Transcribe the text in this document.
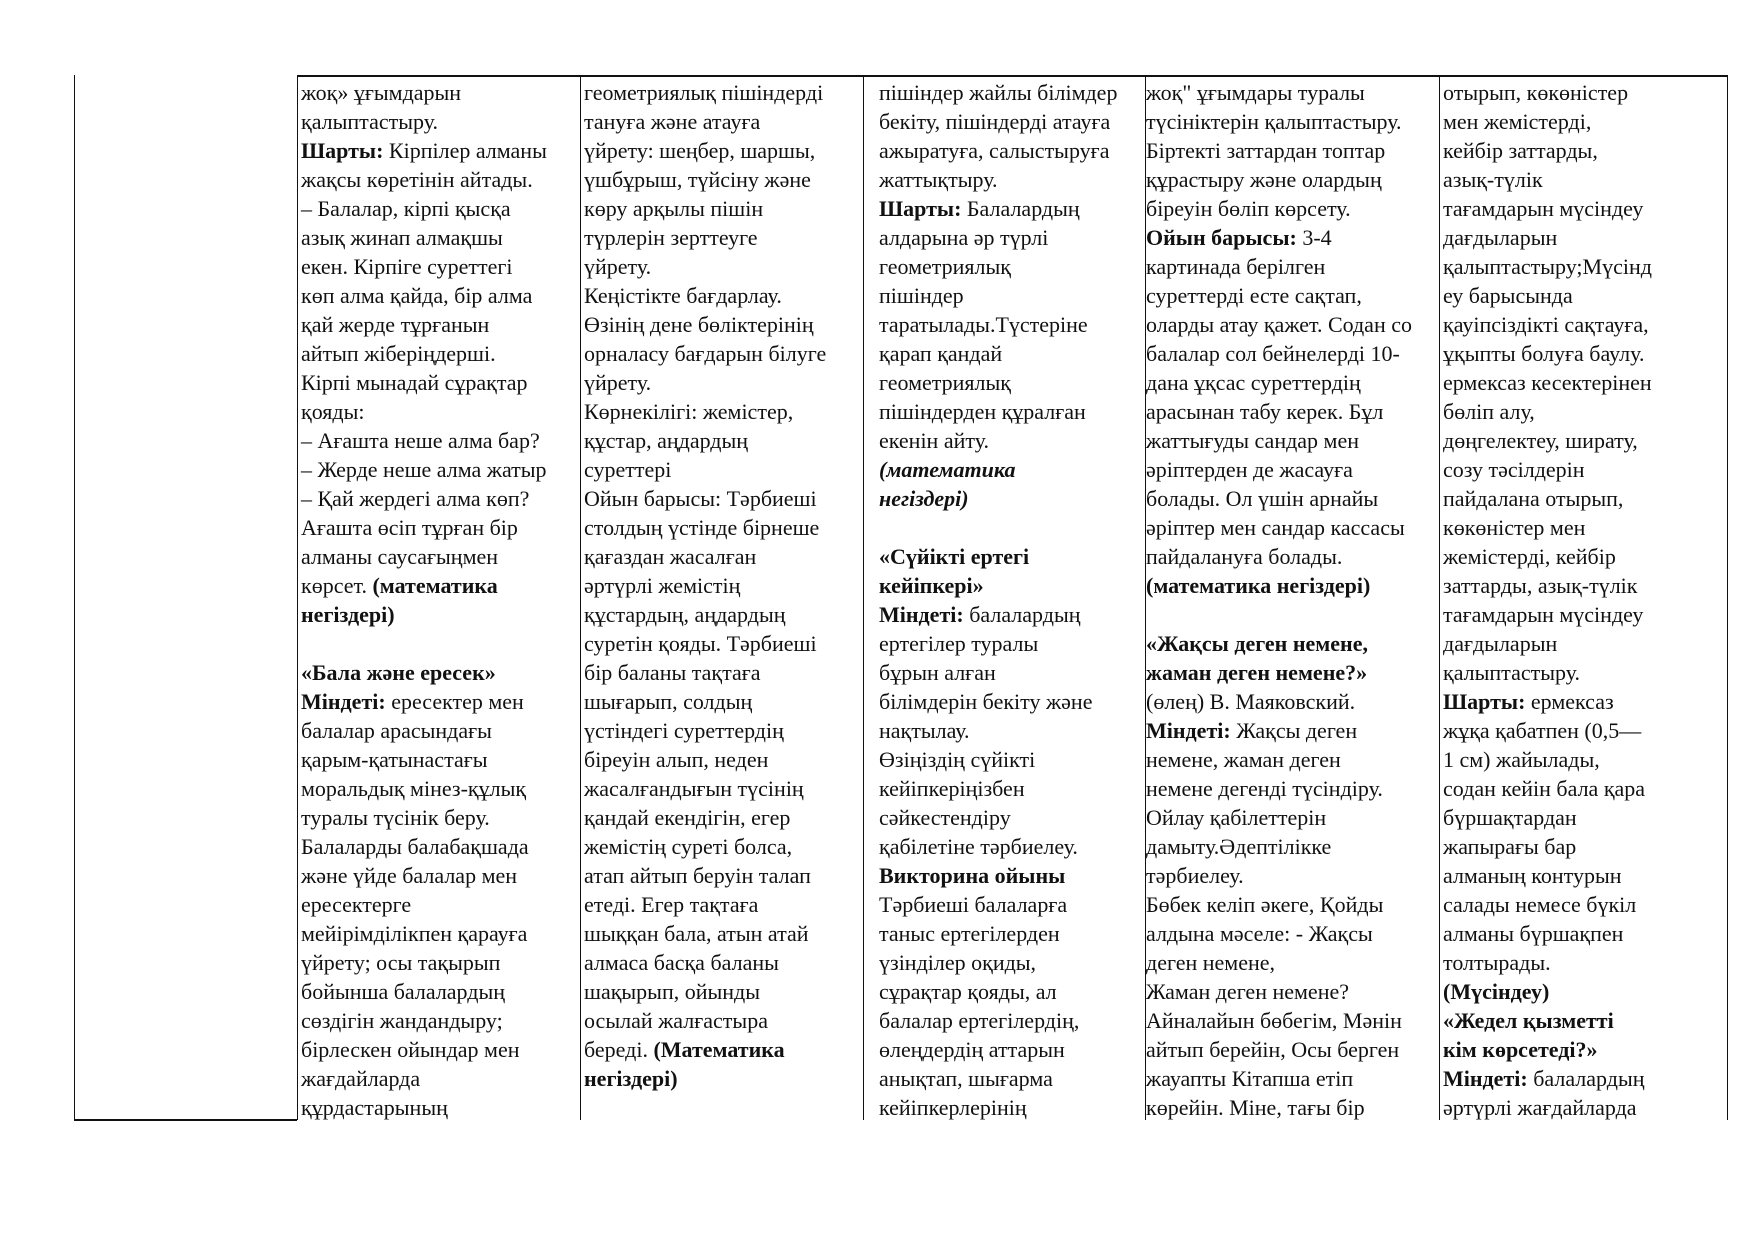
жоқ» ұғымдарын
қалыптастыру.
Шарты: Кірпілер алманы
жақсы көретінін айтады.
– Балалар, кірпі қысқа
азық жинап алмақшы
екен. Кірпіге суреттегі
көп алма қайда, бір алма
қай жерде тұрғанын
айтып жіберіңдерші.
Кірпі мынадай сұрақтар
қояды:
– Ағашта неше алма бар?
– Жерде неше алма жатыр
– Қай жердегі алма көп?
Ағашта өсіп тұрған бір
алманы саусағыңмен
көрсет. (математика
негіздері)
«Бала және ересек»
Міндеті: ересектер мен
балалар арасындағы
қарым-қатынастағы
моральдық мінез-құлық
туралы түсінік беру.
Балаларды балабақшада
және үйде балалар мен
ересектерге
мейірімділікпен қарауға
үйрету; осы тақырып
бойынша балалардың
сөздігін жандандыру;
бірлескен ойындар мен
жағдайларда
құрдастарының
геометриялық пішіндерді
тануға және атауға
үйрету: шеңбер, шаршы,
үшбұрыш, түйсіну және
көру арқылы пішін
түрлерін зерттеуге
үйрету.
Кеңістікте бағдарлау.
Өзінің дене бөліктерінің
орналасу бағдарын білуге
үйрету.
Көрнекілігі: жемістер,
құстар, аңдардың
суреттері
Ойын барысы: Тәрбиеші
столдың үстінде бірнеше
қағаздан жасалған
әртүрлі жемістің
құстардың, аңдардың
суретін қояды. Тәрбиеші
бір баланы тақтаға
шығарып, солдың
үстіндегі суреттердің
біреуін алып, неден
жасалғандығын түсінің
қандай екендігін, егер
жемістің суреті болса,
атап айтып беруін талап
етеді. Егер тақтаға
шыққан бала, атын атай
алмаса басқа баланы
шақырып, ойынды
осылай жалғастыра
береді. (Математика
негіздері)
пішіндер жайлы білімдер
бекіту, пішіндерді атауға
ажыратуға, салыстыруға
жаттықтыру.
Шарты: Балалардың
алдарына әр түрлі
геометриялық
пішіндер
таратылады.Түстеріне
қарап қандай
геометриялық
пішіндерден құралған
екенін айту.
(математика
негіздері)
«Сүйікті ертегі
кейіпкері»
Міндеті: балалардың
ертегілер туралы
бұрын алған
білімдерін бекіту және
нақтылау.
Өзіңіздің сүйікті
кейіпкеріңізбен
сәйкестендіру
қабілетіне тәрбиелеу.
Викторина ойыны
Тәрбиеші балаларға
таныс ертегілерден
үзінділер оқиды,
сұрақтар қояды, ал
балалар ертегілердің,
өлеңдердің аттарын
анықтап, шығарма
кейіпкерлерінің
жоқ" ұғымдары туралы
түсініктерін қалыптастыру.
Біртекті заттардан топтар
құрастыру және олардың
біреуін бөліп көрсету.
Ойын барысы: 3-4
картинада берілген
суреттерді есте сақтап,
оларды атау қажет. Содан со
балалар сол бейнелерді 10-
дана ұқсас суреттердің
арасынан табу керек. Бұл
жаттығуды сандар мен
әріптерден де жасауға
болады. Ол үшін арнайы
әріптер мен сандар кассасы
пайдалануға болады.
(математика негіздері)
«Жақсы деген немене,
жаман деген немене?»
(өлең) В. Маяковский.
Міндеті: Жақсы деген
немене, жаман деген
немене дегенді түсіндіру.
Ойлау қабілеттерін
дамыту.Әдептілікке
тәрбиелеу.
Бөбек келіп әкеге, Қойды
алдына мәселе: - Жақсы
деген немене,
Жаман деген немене?
Айналайын бөбегім, Мәнін
айтып берейін, Осы берген
жауапты Кітапша етіп
көрейін. Міне, тағы бір
отырып, көкөністер
мен жемістерді,
кейбір заттарды,
азық-түлік
тағамдарын мүсіндеу
дағдыларын
қалыптастыру;Мүсінд
еу барысында
қауіпсіздікті сақтауға,
ұқыпты болуға баулу.
ермексаз кесектерінен
бөліп алу,
дөңгелектеу, ширату,
созу тәсілдерін
пайдалана отырып,
көкөністер мен
жемістерді, кейбір
заттарды, азық-түлік
тағамдарын мүсіндеу
дағдыларын
қалыптастыру.
Шарты: ермексаз
жұқа қабатпен (0,5—
1 см) жайылады,
содан кейін бала қара
бүршақтардан
жапырағы бар
алманың контурын
салады немесе бүкіл
алманы бүршақпен
толтырады.
(Мүсіндеу)
«Жедел қызметті
кім көрсетеді?»
Міндеті: балалардың
әртүрлі жағдайларда
